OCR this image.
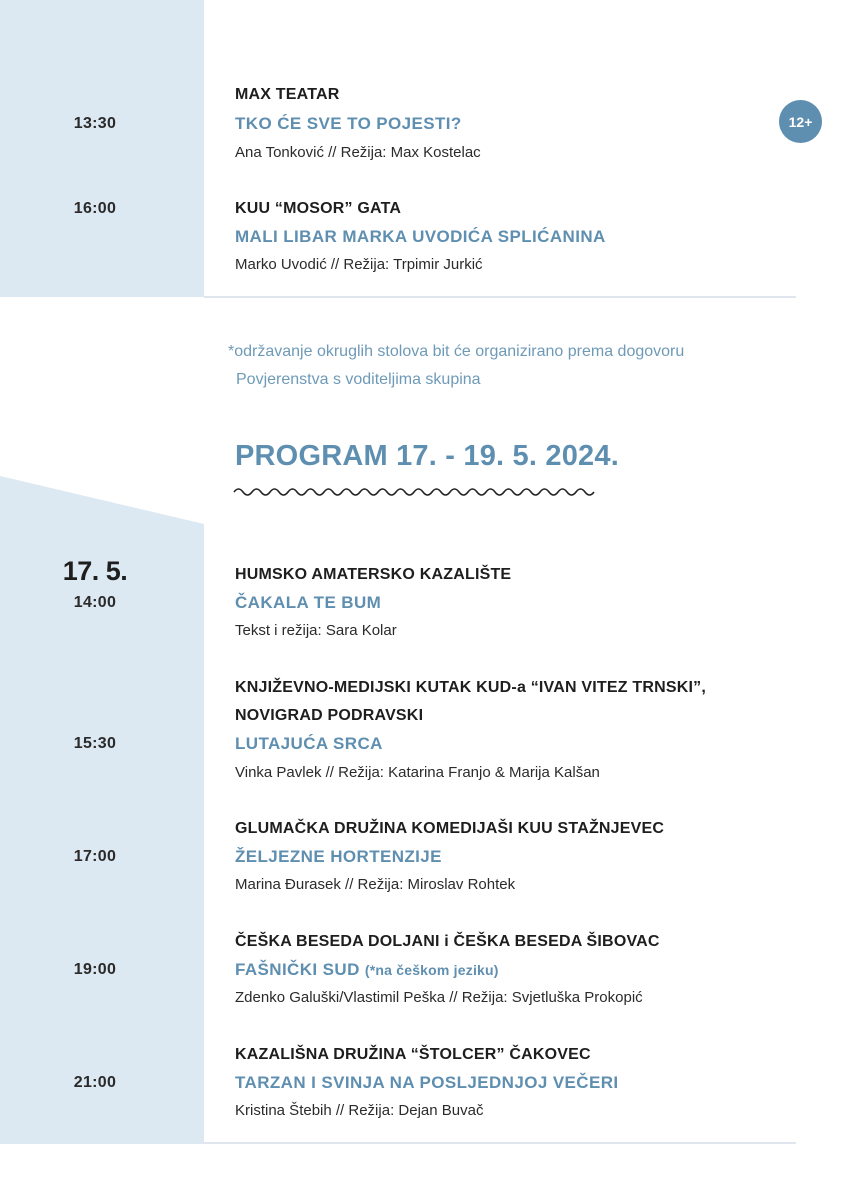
MAX TEATAR
13:30	TKO ĆE SVE TO POJESTI?
Ana Tonković // Režija: Max Kostelac
12+
16:00	KUU “MOSOR” GATA
MALI LIBAR MARKA UVODIĆA SPLIĆANINA
Marko Uvodić // Režija: Trpimir Jurkić
*održavanje okruglih stolova bit će organizirano prema dogovoru
Povjerenstva s voditeljima skupina
PROGRAM 17. - 19. 5. 2024.
17. 5.	HUMSKO AMATERSKO KAZALIŠTE
14:00	ČAKALA TE BUM
Tekst i režija: Sara Kolar
KNJIŽEVNO-MEDIJSKI KUTAK KUD-a “IVAN VITEZ TRNSKI”,
NOVIGRAD PODRAVSKI
15:30	LUTAJUĆA SRCA
Vinka Pavlek // Režija: Katarina Franjo & Marija Kalšan
GLUMAČKA DRUŽINA KOMEDIJAŠI KUU STAŽNJEVEC
17:00	ŽELJEZNE HORTENZIJE
Marina Đurasek // Režija: Miroslav Rohtek
ČEŠKA BESEDA DOLJANI i ČEŠKA BESEDA ŠIBOVAC
19:00	FAŠNIČKI SUD (*na češkom jeziku)
Zdenko Galuški/Vlastimil Peška // Režija: Svjetluška Prokopić
KAZALIŠNA DRUŽINA “ŠTOLCER” ČAKOVEC
21:00	TARZAN I SVINJA NA POSLJEDNJOJ VEČERI
Kristina Štebih // Režija: Dejan Buvač
